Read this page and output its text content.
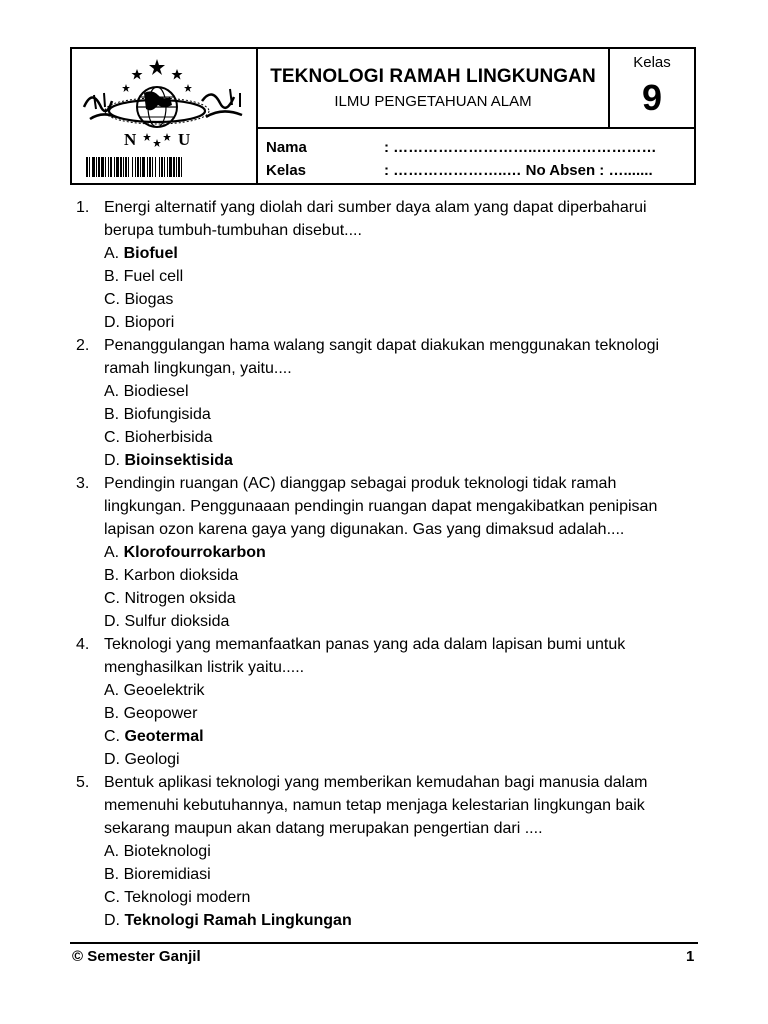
N U
TEKNOLOGI RAMAH LINGKUNGAN
ILMU PENGETAHUAN ALAM
Kelas
9
Nama	: ………………………..……………………
Kelas	: …………………..… No Absen : ….......
1. Energi alternatif yang diolah dari sumber daya alam yang dapat diperbaharui
berupa tumbuh-tumbuhan disebut....
A. Biofuel
B. Fuel cell
C. Biogas
D. Biopori
2. Penanggulangan hama walang sangit dapat diakukan menggunakan teknologi
ramah lingkungan, yaitu....
A. Biodiesel
B. Biofungisida
C. Bioherbisida
D. Bioinsektisida
3. Pendingin ruangan (AC) dianggap sebagai produk teknologi tidak ramah
lingkungan. Penggunaaan pendingin ruangan dapat mengakibatkan penipisan
lapisan ozon karena gaya yang digunakan. Gas yang dimaksud adalah....
A. Klorofourrokarbon
B. Karbon dioksida
C. Nitrogen oksida
D. Sulfur dioksida
4. Teknologi yang memanfaatkan panas yang ada dalam lapisan bumi untuk
menghasilkan listrik yaitu.....
A. Geoelektrik
B. Geopower
C. Geotermal
D. Geologi
5. Bentuk aplikasi teknologi yang memberikan kemudahan bagi manusia dalam
memenuhi kebutuhannya, namun tetap menjaga kelestarian lingkungan baik
sekarang maupun akan datang merupakan pengertian dari ....
A. Bioteknologi
B. Bioremidiasi
C. Teknologi modern
D. Teknologi Ramah Lingkungan
© Semester Ganjil	1
